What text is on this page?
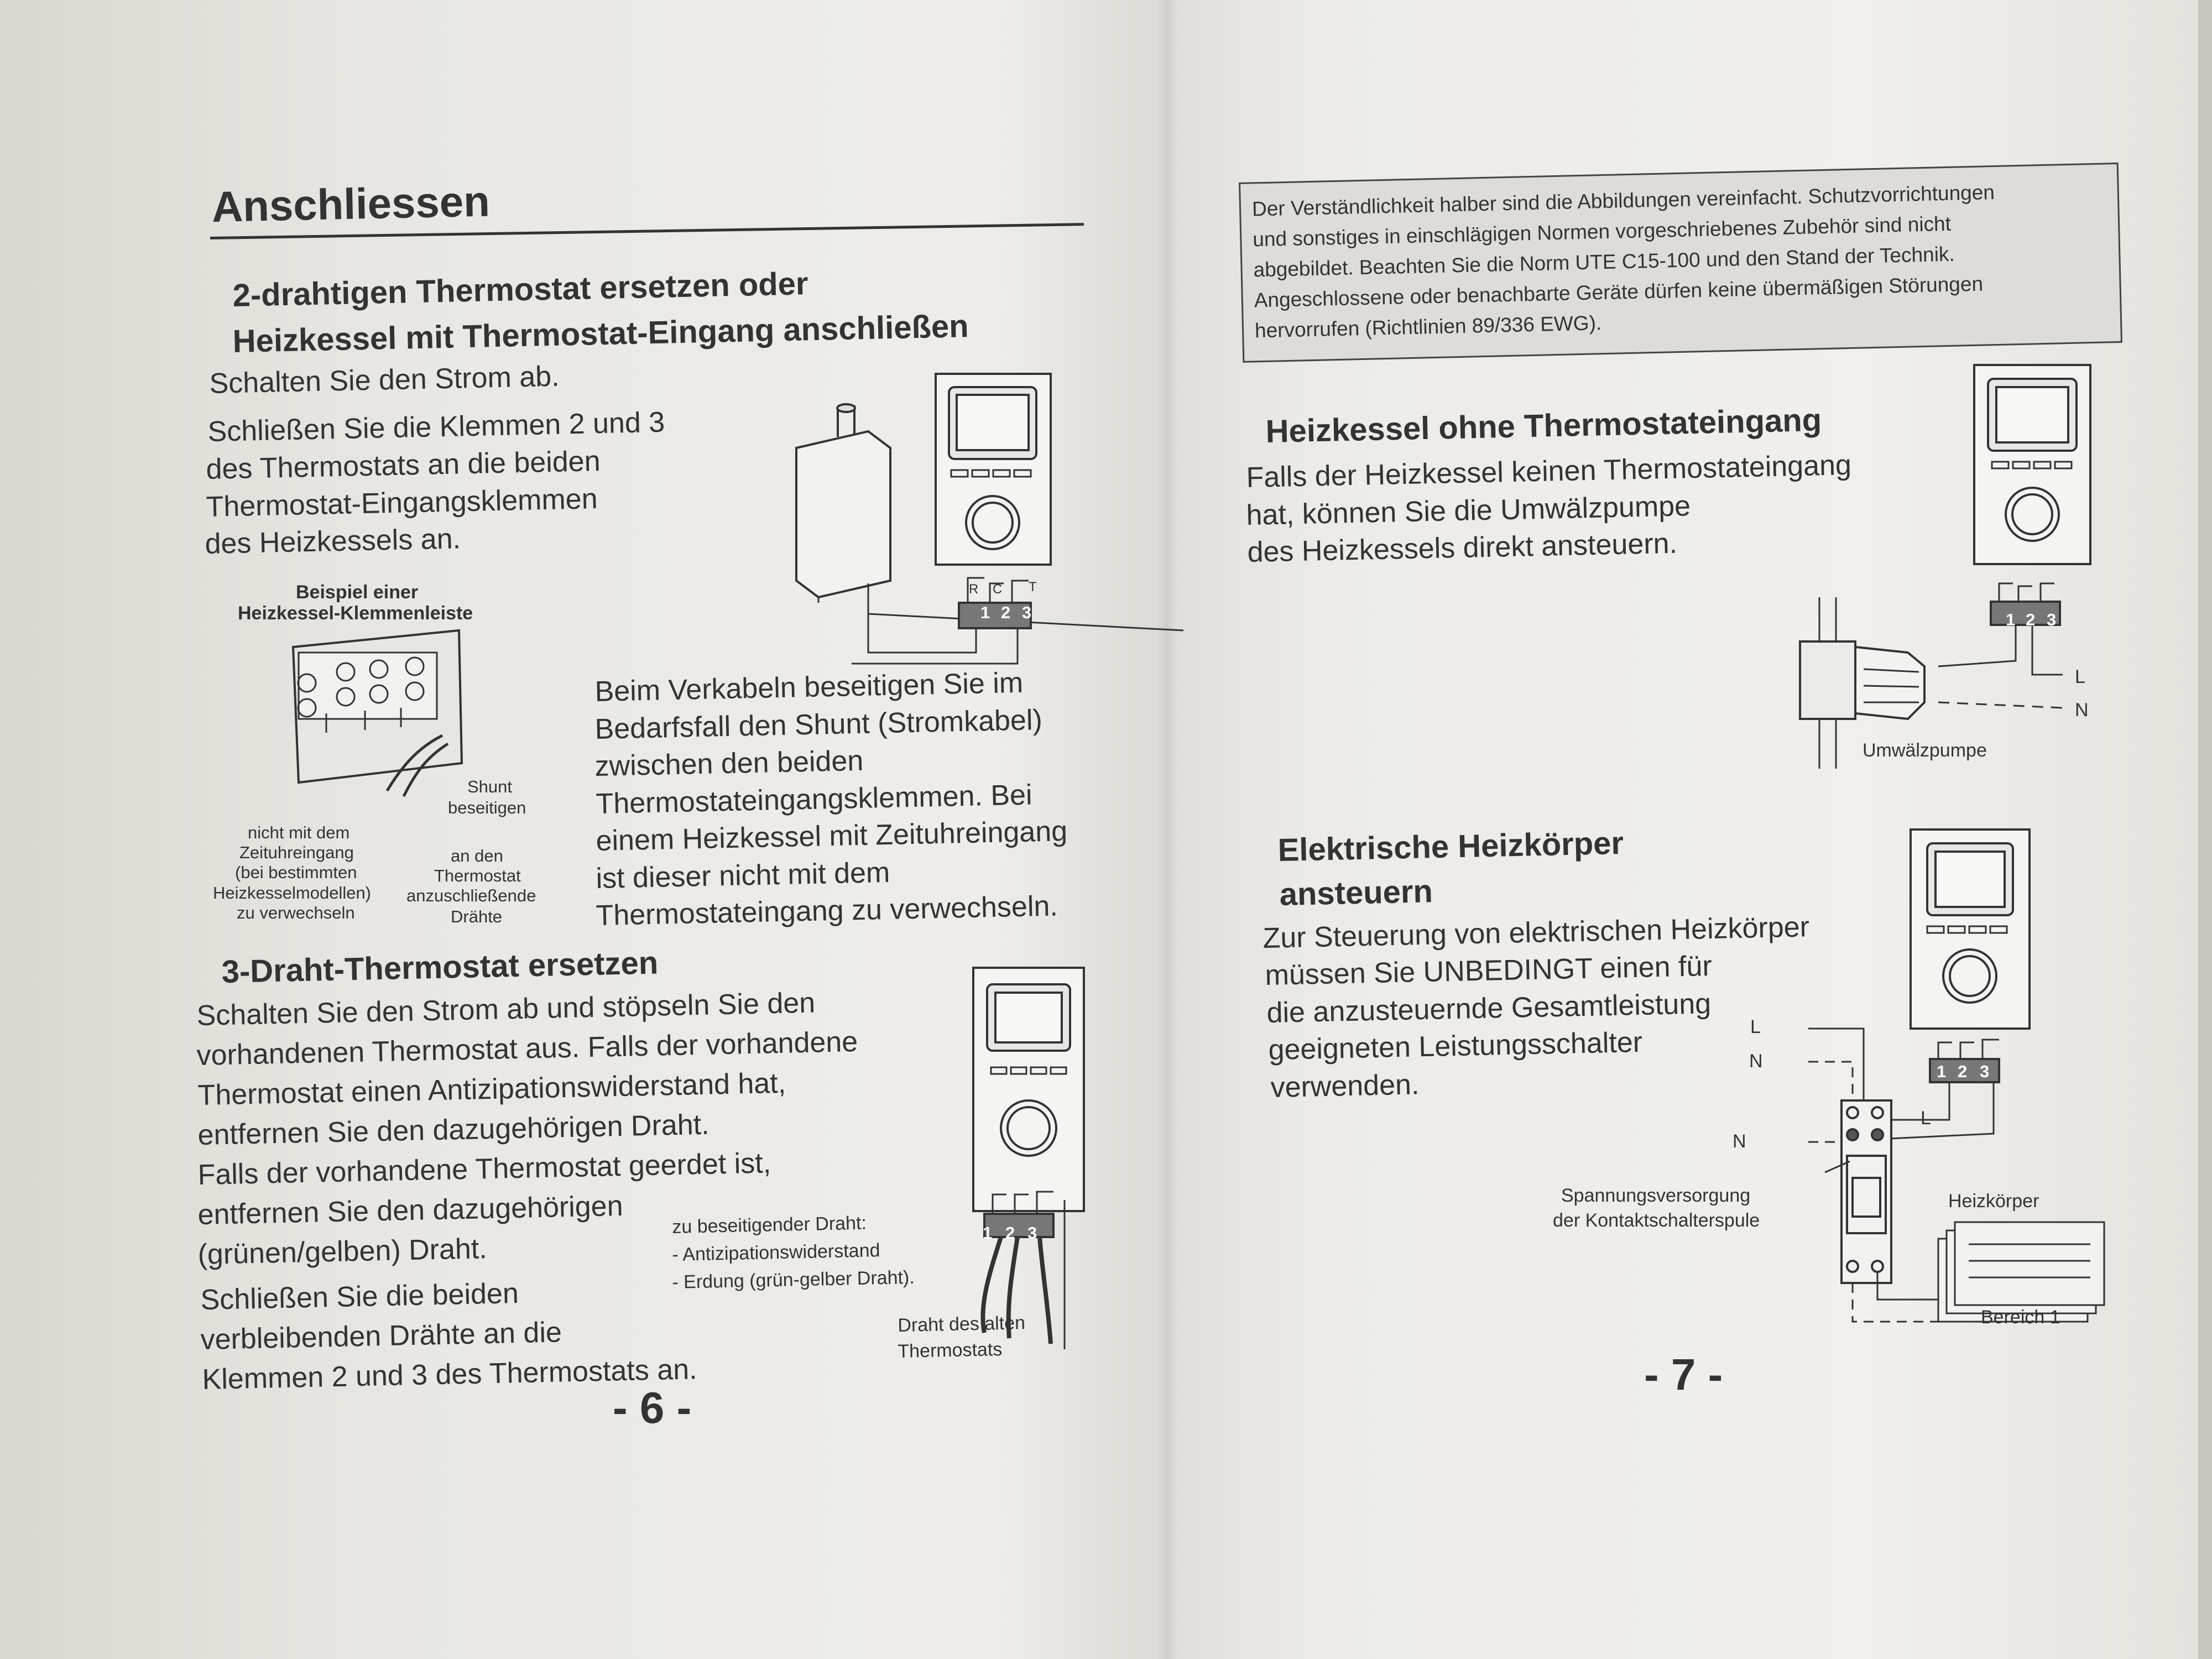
Anschliessen
2-drahtigen Thermostat ersetzen oder
Heizkessel mit Thermostat-Eingang anschließen
Schalten Sie den Strom ab.
Schließen Sie die Klemmen 2 und 3
des Thermostats an die beiden
Thermostat-Eingangsklemmen
des Heizkessels an.
1 2 3
R C T
Beispiel einer
Heizkessel-Klemmenleiste
Shunt
beseitigen
nicht mit dem
Zeituhreingang
(bei bestimmten
Heizkesselmodellen)
zu verwechseln
an den
Thermostat
anzuschließende
Drähte
Beim Verkabeln beseitigen Sie im
Bedarfsfall den Shunt (Stromkabel)
zwischen den beiden
Thermostateingangsklemmen. Bei
einem Heizkessel mit Zeituhreingang
ist dieser nicht mit dem
Thermostateingang zu verwechseln.
3-Draht-Thermostat ersetzen
Schalten Sie den Strom ab und stöpseln Sie den
vorhandenen Thermostat aus. Falls der vorhandene
Thermostat einen Antizipationswiderstand hat,
entfernen Sie den dazugehörigen Draht.
Falls der vorhandene Thermostat geerdet ist,
entfernen Sie den dazugehörigen
(grünen/gelben) Draht.
Schließen Sie die beiden
verbleibenden Drähte an die
Klemmen 2 und 3 des Thermostats an.
1 2 3
zu beseitigender Draht:
- Antizipationswiderstand
- Erdung (grün-gelber Draht).
Draht des alten
Thermostats
- 6 -
Der Verständlichkeit halber sind die Abbildungen vereinfacht. Schutzvorrichtungen
und sonstiges in einschlägigen Normen vorgeschriebenes Zubehör sind nicht
abgebildet. Beachten Sie die Norm UTE C15-100 und den Stand der Technik.
Angeschlossene oder benachbarte Geräte dürfen keine übermäßigen Störungen
hervorrufen (Richtlinien 89/336 EWG).
Heizkessel ohne Thermostateingang
Falls der Heizkessel keinen Thermostateingang
hat, können Sie die Umwälzpumpe
des Heizkessels direkt ansteuern.
1 2 3
L
N
Umwälzpumpe
Elektrische Heizkörper
ansteuern
Zur Steuerung von elektrischen Heizkörper
müssen Sie UNBEDINGT einen für
die anzusteuernde Gesamtleistung
geeigneten Leistungsschalter
verwenden.	1 2 3
L
N
N
L
Spannungsversorgung
der Kontaktschalterspule
Heizkörper
Bereich 1
- 7 -
